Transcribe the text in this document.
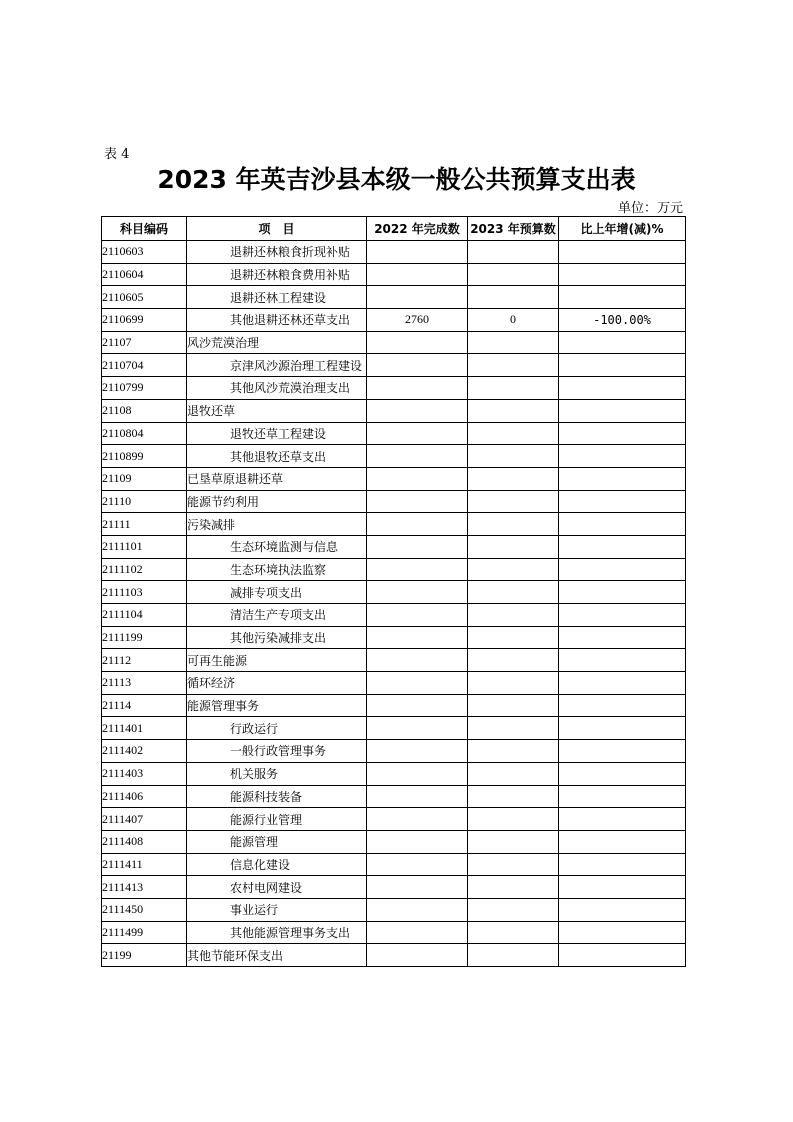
表 4
2023 年英吉沙县本级一般公共预算支出表
单位：万元
科目编码	项　目	2022 年完成数	2023 年预算数	比上年增(减)%
2110603	退耕还林粮食折现补贴			
2110604	退耕还林粮食费用补贴			
2110605	退耕还林工程建设			
2110699	其他退耕还林还草支出	2760	0	-100.00%
21107	风沙荒漠治理			
2110704	京津风沙源治理工程建设			
2110799	其他风沙荒漠治理支出			
21108	退牧还草			
2110804	退牧还草工程建设			
2110899	其他退牧还草支出			
21109	已垦草原退耕还草			
21110	能源节约利用			
21111	污染减排			
2111101	生态环境监测与信息			
2111102	生态环境执法监察			
2111103	减排专项支出			
2111104	清洁生产专项支出			
2111199	其他污染减排支出			
21112	可再生能源			
21113	循环经济			
21114	能源管理事务			
2111401	行政运行			
2111402	一般行政管理事务			
2111403	机关服务			
2111406	能源科技装备			
2111407	能源行业管理			
2111408	能源管理			
2111411	信息化建设			
2111413	农村电网建设			
2111450	事业运行			
2111499	其他能源管理事务支出			
21199	其他节能环保支出			
